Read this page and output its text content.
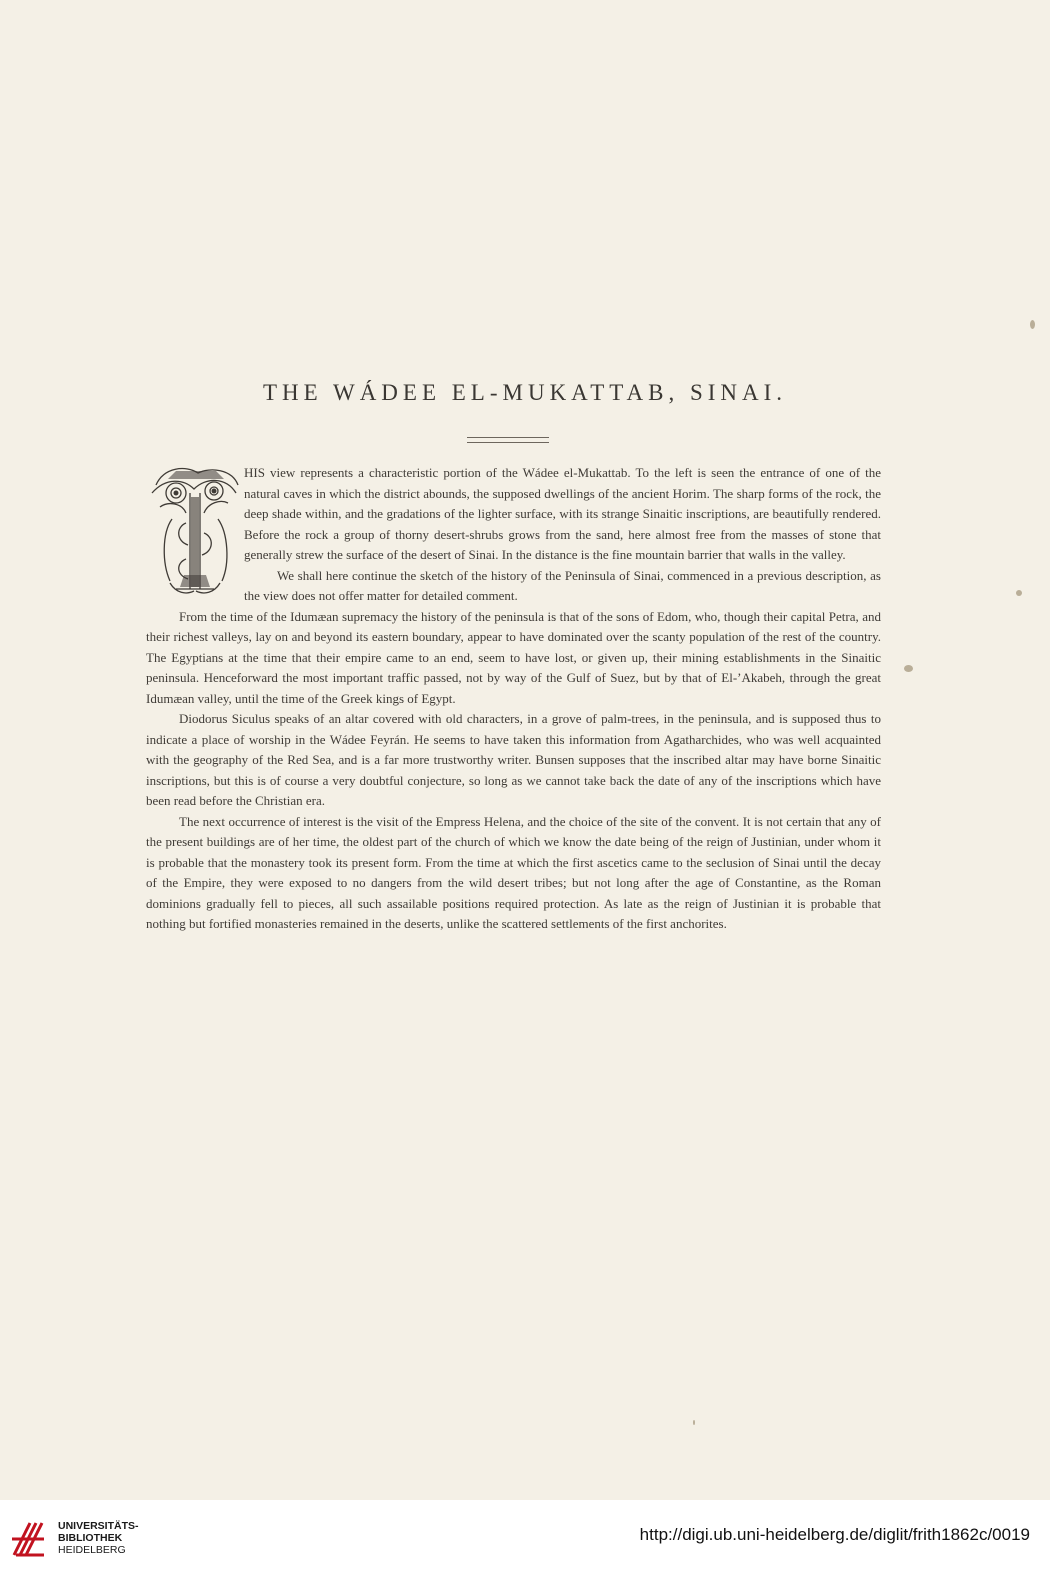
THE WÁDEE EL-MUKATTAB, SINAI.

HIS view represents a characteristic portion of the Wádee el-Mukattab. To the left is seen the entrance of one of the natural caves in which the district abounds, the supposed dwellings of the ancient Horim. The sharp forms of the rock, the deep shade within, and the gradations of the lighter surface, with its strange Sinaitic inscriptions, are beautifully rendered. Before the rock a group of thorny desert-shrubs grows from the sand, here almost free from the masses of stone that generally strew the surface of the desert of Sinai. In the distance is the fine mountain barrier that walls in the valley.

We shall here continue the sketch of the history of the Peninsula of Sinai, commenced in a previous description, as the view does not offer matter for detailed comment.

From the time of the Idumæan supremacy the history of the peninsula is that of the sons of Edom, who, though their capital Petra, and their richest valleys, lay on and beyond its eastern boundary, appear to have dominated over the scanty population of the rest of the country. The Egyptians at the time that their empire came to an end, seem to have lost, or given up, their mining establishments in the Sinaitic peninsula. Henceforward the most important traffic passed, not by way of the Gulf of Suez, but by that of El-’Akabeh, through the great Idumæan valley, until the time of the Greek kings of Egypt.

Diodorus Siculus speaks of an altar covered with old characters, in a grove of palm-trees, in the peninsula, and is supposed thus to indicate a place of worship in the Wádee Feyrán. He seems to have taken this information from Agatharchides, who was well acquainted with the geography of the Red Sea, and is a far more trustworthy writer. Bunsen supposes that the inscribed altar may have borne Sinaitic inscriptions, but this is of course a very doubtful conjecture, so long as we cannot take back the date of any of the inscriptions which have been read before the Christian era.

The next occurrence of interest is the visit of the Empress Helena, and the choice of the site of the convent. It is not certain that any of the present buildings are of her time, the oldest part of the church of which we know the date being of the reign of Justinian, under whom it is probable that the monastery took its present form. From the time at which the first ascetics came to the seclusion of Sinai until the decay of the Empire, they were exposed to no dangers from the wild desert tribes; but not long after the age of Constantine, as the Roman dominions gradually fell to pieces, all such assailable positions required protection. As late as the reign of Justinian it is probable that nothing but fortified monasteries remained in the deserts, unlike the scattered settlements of the first anchorites.

UNIVERSITÄTS-
BIBLIOTHEK
HEIDELBERG
http://digi.ub.uni-heidelberg.de/diglit/frith1862c/0019
